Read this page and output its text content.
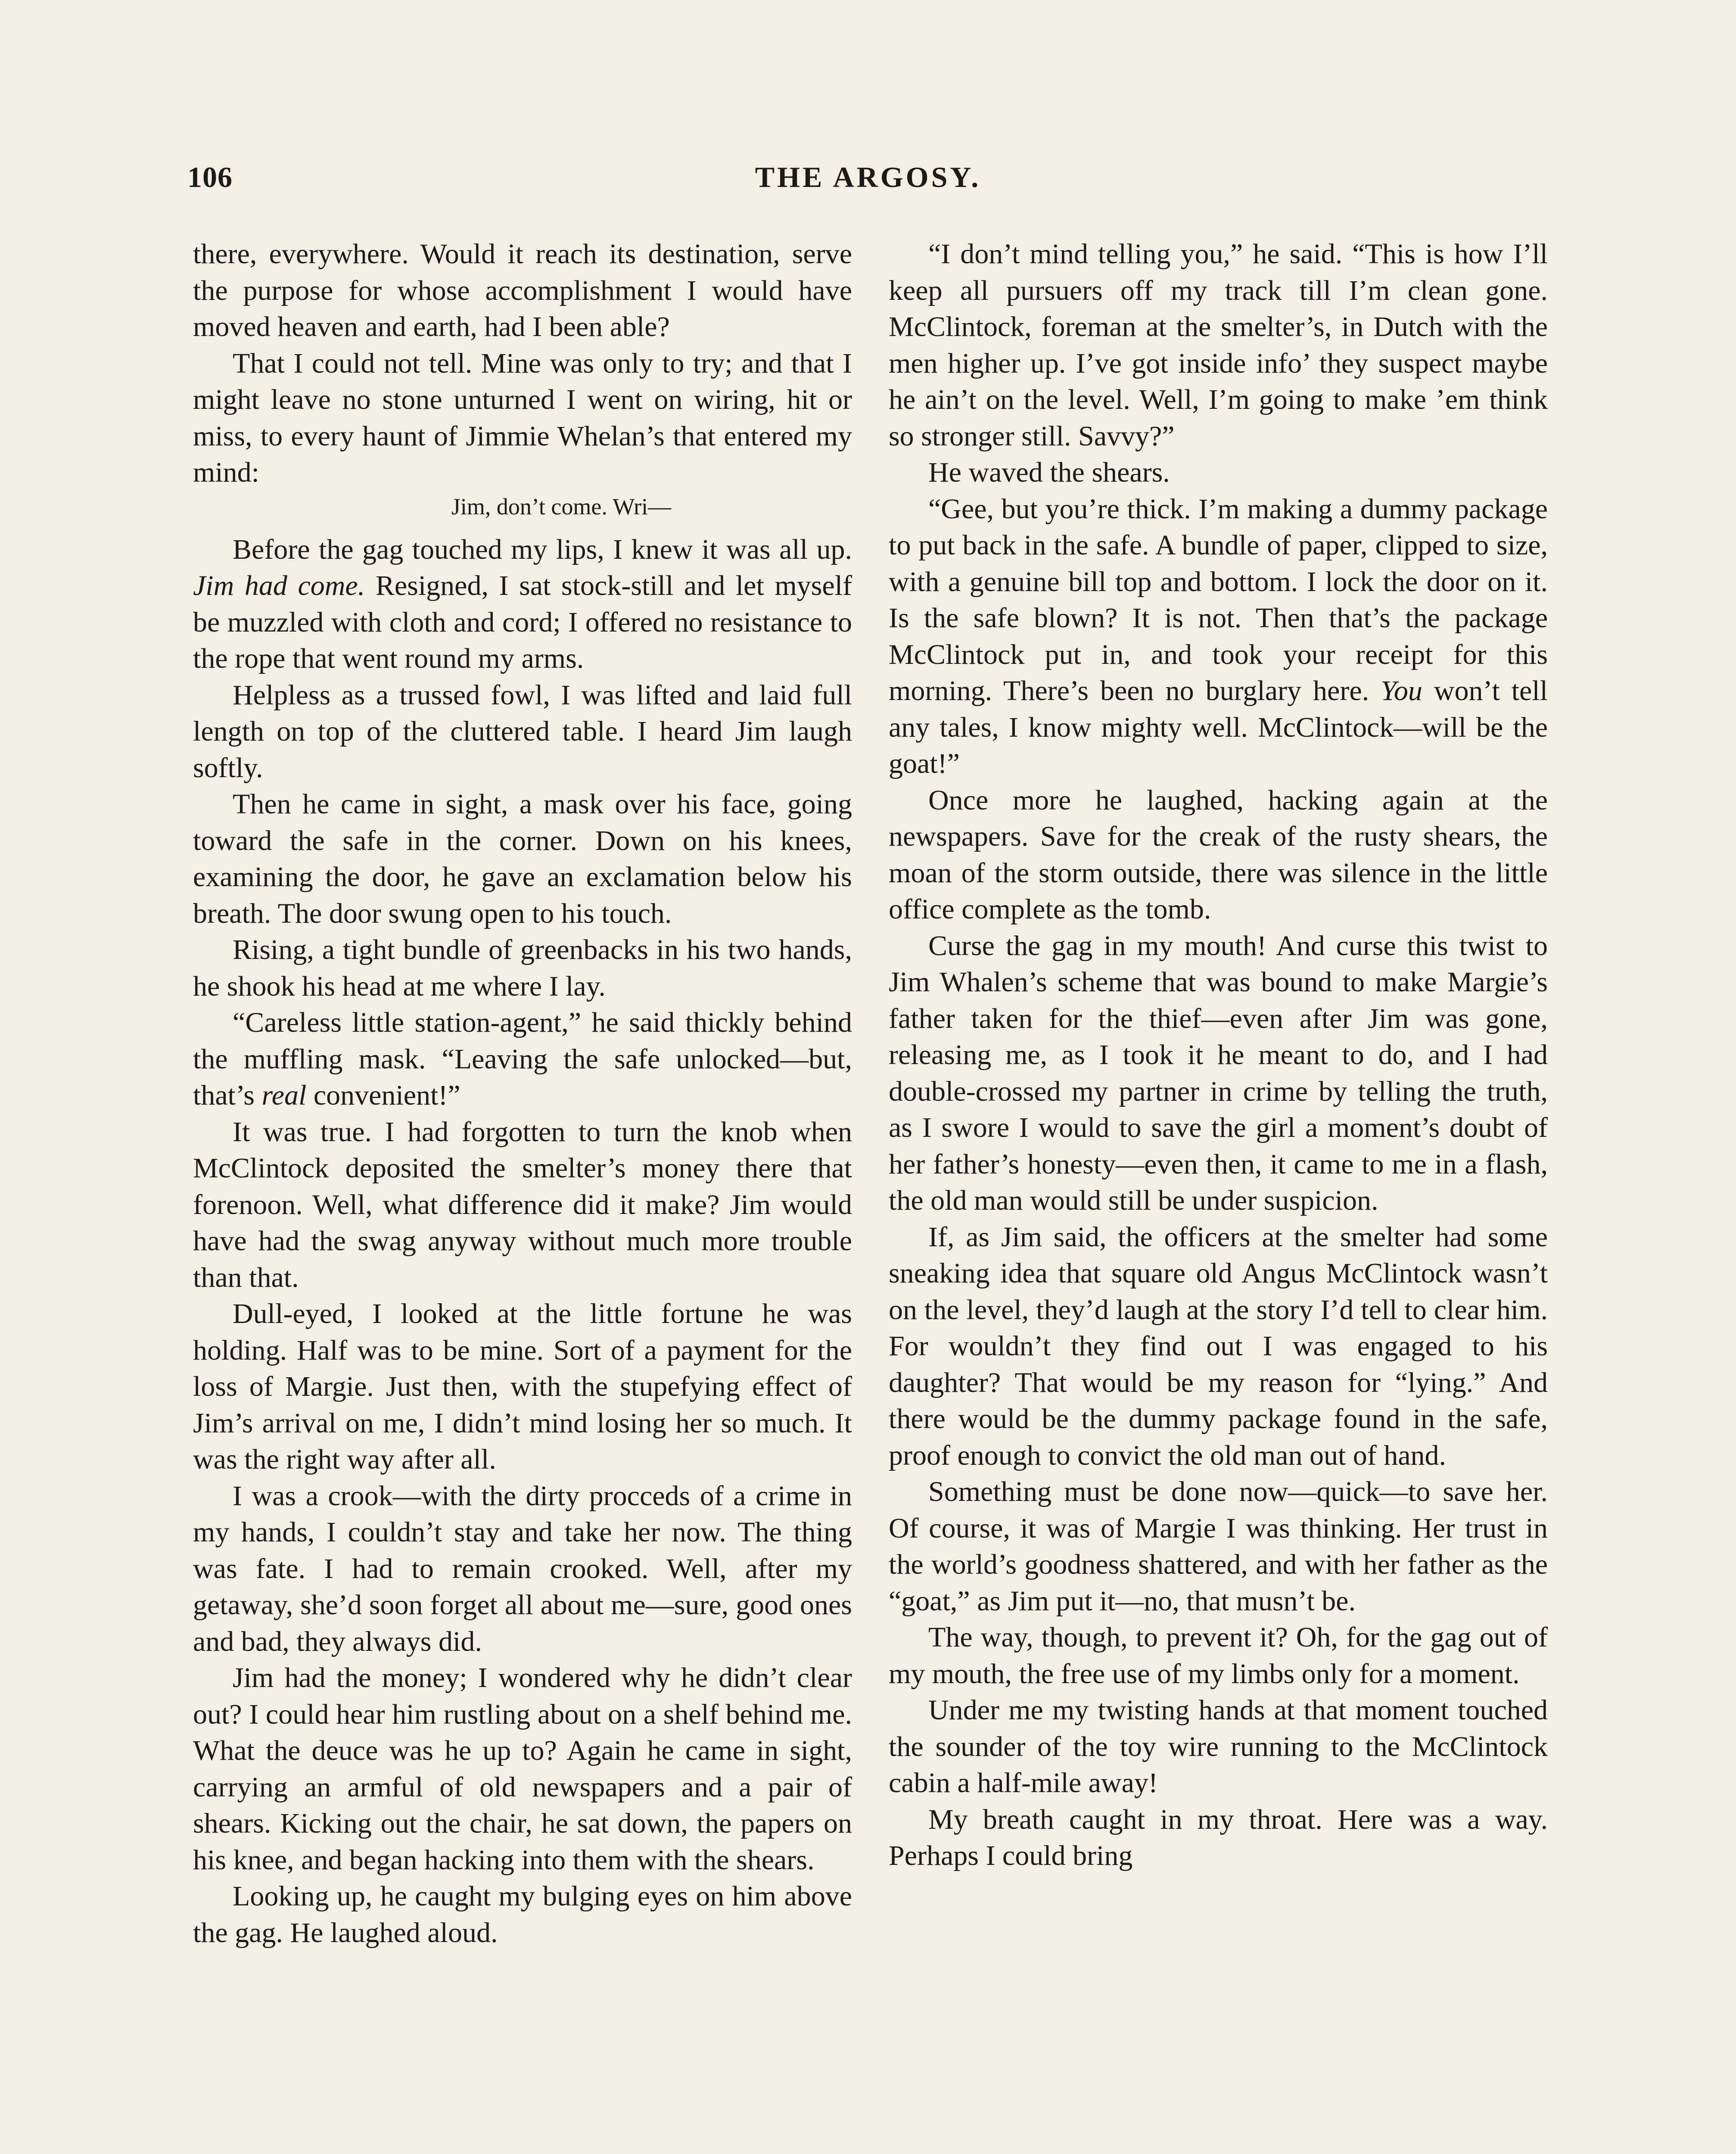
106	THE ARGOSY.

there, everywhere. Would it reach its destination, serve the purpose for whose accomplishment I would have moved heaven and earth, had I been able?

That I could not tell. Mine was only to try; and that I might leave no stone unturned I went on wiring, hit or miss, to every haunt of Jimmie Whelan’s that entered my mind:

Jim, don’t come. Wri—

Before the gag touched my lips, I knew it was all up. Jim had come. Resigned, I sat stock-still and let myself be muzzled with cloth and cord; I offered no resistance to the rope that went round my arms.

Helpless as a trussed fowl, I was lifted and laid full length on top of the cluttered table. I heard Jim laugh softly.

Then he came in sight, a mask over his face, going toward the safe in the corner. Down on his knees, examining the door, he gave an exclamation below his breath. The door swung open to his touch.

Rising, a tight bundle of greenbacks in his two hands, he shook his head at me where I lay.

“Careless little station-agent,” he said thickly behind the muffling mask. “Leaving the safe unlocked—but, that’s real convenient!”

It was true. I had forgotten to turn the knob when McClintock deposited the smelter’s money there that forenoon. Well, what difference did it make? Jim would have had the swag anyway without much more trouble than that.

Dull-eyed, I looked at the little fortune he was holding. Half was to be mine. Sort of a payment for the loss of Margie. Just then, with the stupefying effect of Jim’s arrival on me, I didn’t mind losing her so much. It was the right way after all.

I was a crook—with the dirty procceds of a crime in my hands, I couldn’t stay and take her now. The thing was fate. I had to remain crooked. Well, after my getaway, she’d soon forget all about me—sure, good ones and bad, they always did.

Jim had the money; I wondered why he didn’t clear out? I could hear him rustling about on a shelf behind me. What the deuce was he up to? Again he came in sight, carrying an armful of old newspapers and a pair of shears. Kicking out the chair, he sat down, the papers on his knee, and began hacking into them with the shears.

Looking up, he caught my bulging eyes on him above the gag. He laughed aloud.

“I don’t mind telling you,” he said. “This is how I’ll keep all pursuers off my track till I’m clean gone. McClintock, foreman at the smelter’s, in Dutch with the men higher up. I’ve got inside info’ they suspect maybe he ain’t on the level. Well, I’m going to make ’em think so stronger still. Savvy?”

He waved the shears.

“Gee, but you’re thick. I’m making a dummy package to put back in the safe. A bundle of paper, clipped to size, with a genuine bill top and bottom. I lock the door on it. Is the safe blown? It is not. Then that’s the package McClintock put in, and took your receipt for this morning. There’s been no burglary here. You won’t tell any tales, I know mighty well. McClintock—will be the goat!”

Once more he laughed, hacking again at the newspapers. Save for the creak of the rusty shears, the moan of the storm outside, there was silence in the little office complete as the tomb.

Curse the gag in my mouth! And curse this twist to Jim Whalen’s scheme that was bound to make Margie’s father taken for the thief—even after Jim was gone, releasing me, as I took it he meant to do, and I had double-crossed my partner in crime by telling the truth, as I swore I would to save the girl a moment’s doubt of her father’s honesty—even then, it came to me in a flash, the old man would still be under suspicion.

If, as Jim said, the officers at the smelter had some sneaking idea that square old Angus McClintock wasn’t on the level, they’d laugh at the story I’d tell to clear him. For wouldn’t they find out I was engaged to his daughter? That would be my reason for “lying.” And there would be the dummy package found in the safe, proof enough to convict the old man out of hand.

Something must be done now—quick—to save her. Of course, it was of Margie I was thinking. Her trust in the world’s goodness shattered, and with her father as the “goat,” as Jim put it—no, that musn’t be.

The way, though, to prevent it? Oh, for the gag out of my mouth, the free use of my limbs only for a moment.

Under me my twisting hands at that moment touched the sounder of the toy wire running to the McClintock cabin a half-mile away!

My breath caught in my throat. Here was a way. Perhaps I could bring
